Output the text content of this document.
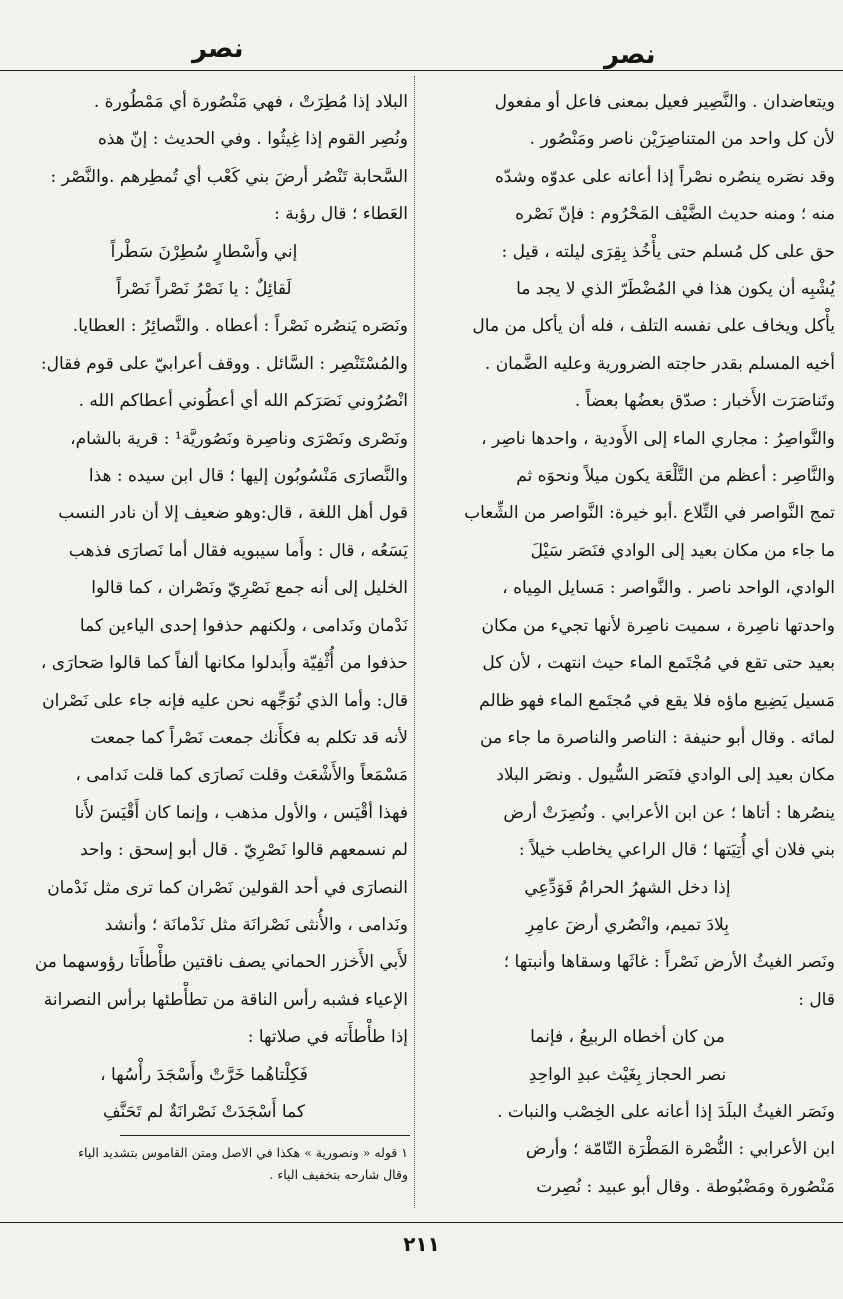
نصر
نصر
ويتعاضدان . والنَّصِير فعيل بمعنى فاعل أو مفعول
لأن كل واحد من المتناصِرَيْن ناصر ومَنْصُور .
وقد نصَره ينصُره نصْراً إذا أعانه على عدوّه وشدّه
منه ؛ ومنه حديث الضَّيْف المَحْرُوم : فإنّ نَصْره
حق على كل مُسلم حتى يأْخُذ بِقِرَى ليلته ، قيل :
يُشْبِه أن يكون هذا في المُضْطَرّ الذي لا يجد ما
يأْكل ويخاف على نفسه التلف ، فله أن يأكل من مال
أخيه المسلم بقدر حاجته الضرورية وعليه الضَّمان .
وتَناصَرَت الأَخبار : صدّق بعضُها بعضاً .
والنَّواصِرُ : مجاري الماء إلى الأَودية ، واحدها ناصِر ،
والنَّاصِر : أعظم من التَّلْعَة يكون ميلاً ونحوَه ثم
تمج النَّواصر في التِّلاع .أبو خيرة: النَّواصر من الشِّعاب
ما جاء من مكان بعيد إلى الوادي فنَصَر سَيْلَ
الوادي، الواحد ناصر . والنَّواصر : مَسايل المِياه ،
واحدتها ناصِرة ، سميت ناصِرة لأنها تجيء من مكان
بعيد حتى تقع في مُجْتَمع الماء حيث انتهت ، لأن كل
مَسيل يَضِيع ماؤه فلا يقع في مُجتَمع الماء فهو ظالم
لمائه . وقال أبو حنيفة : الناصر والناصرة ما جاء من
مكان بعيد إلى الوادي فنَصَر السُّيول . ونصَر البلاد
ينصُرها : أتاها ؛ عن ابن الأعرابي . ونُصِرَتْ أرض
بني فلان أي أُتِيَتها ؛ قال الراعي يخاطب خيلاً :
إذا دخل الشهرُ الحرامُ فَوَدِّعِي
بِلادَ تميم، وانْصُري أرضَ عامِرِ
ونَصر الغيثُ الأرض نَصْراً : غاثَها وسقاها وأنبتها ؛
قال :
من كان أخطاه الربيعُ ، فإنما
نصر الحجاز بِغَيْث عبدِ الواحِدِ
ونَصَر الغيثُ البلَدَ إذا أعانه على الخِصْب والنبات .
ابن الأعرابي : النُّصْرة المَطْرَة التّامّة ؛ وأرض
مَنْصُورة ومَضْبُوطة . وقال أبو عبيد : نُصِرت
البلاد إذا مُطِرَتْ ، فهي مَنْصُورة أي مَمْطُورة .
ونُصِر القوم إذا غِيثُوا . وفي الحديث : إنّ هذه
السَّحابة تَنْصُر أرضَ بني كَعْب أي تُمطِرهم .والنَّصْر :
العَطاء ؛ قال رؤبة :
إني وأَسْطارٍ سُطِرْنَ سَطْراً
لَقائِلٌ : يا نَصْرُ نَصْراً نَصْراً
ونَصَره يَنصُره نَصْراً : أعطاه . والنَّصائِرُ : العطايا.
والمُسْتَنْصِر : السَّائل . ووقف أعرابيّ على قوم فقال:
انْصُرُوني نَصَرَكم الله أي أعطُوني أعطاكم الله .
ونَصْرى ونَصْرَى وناصِرة ونَصُوريَّة¹ : قرية بالشام،
والنَّصارَى مَنْسُوبُون إليها ؛ قال ابن سيده : هذا
قول أهل اللغة ، قال:وهو ضعيف إلا أن نادر النسب
يَسَعُه ، قال : وأَما سيبويه فقال أما نَصارَى فذهب
الخليل إلى أنه جمع نَصْرِيّ ونَصْران ، كما قالوا
نَدْمان ونَدامى ، ولكنهم حذفوا إحدى الياءين كما
حذفوا من أُثْفِيّة وأَبدلوا مكانها ألفاً كما قالوا صَحارَى ،
قال: وأما الذي نُوَجِّهه نحن عليه فإنه جاء على نَصْران
لأنه قد تكلم به فكأَنك جمعت نَصْراً كما جمعت
مَسْمَعاً والأَشْعَث وقلت نَصارَى كما قلت نَدامى ،
فهذا أقْيَس ، والأول مذهب ، وإنما كان أَقْيَسَ لأَنا
لم نسمعهم قالوا نَصْرِيّ . قال أبو إسحق : واحد
النصارَى في أحد القولين نَصْران كما ترى مثل نَدْمان
ونَدامى ، والأُنثى نَصْرانَة مثل نَدْمانَة ؛ وأنشد
لأَبي الأَخزر الحماني يصف ناقتين طأْطأَتا رؤوسهما من
الإعياء فشبه رأس الناقة من تطأْطئها برأس النصرانة
إذا طأْطأَته في صلاتها :
فَكِلْتاهُما خَرَّتْ وأَسْجَدَ رأْسُها ،
كما أَسْجَدَتْ نَصْرانَةٌ لم تَحَنَّفِ
١ قوله « ونصورية » هكذا في الاصل ومتن القاموس بتشديد الياء
وقال شارحه بتخفيف الياء .
٢١١
